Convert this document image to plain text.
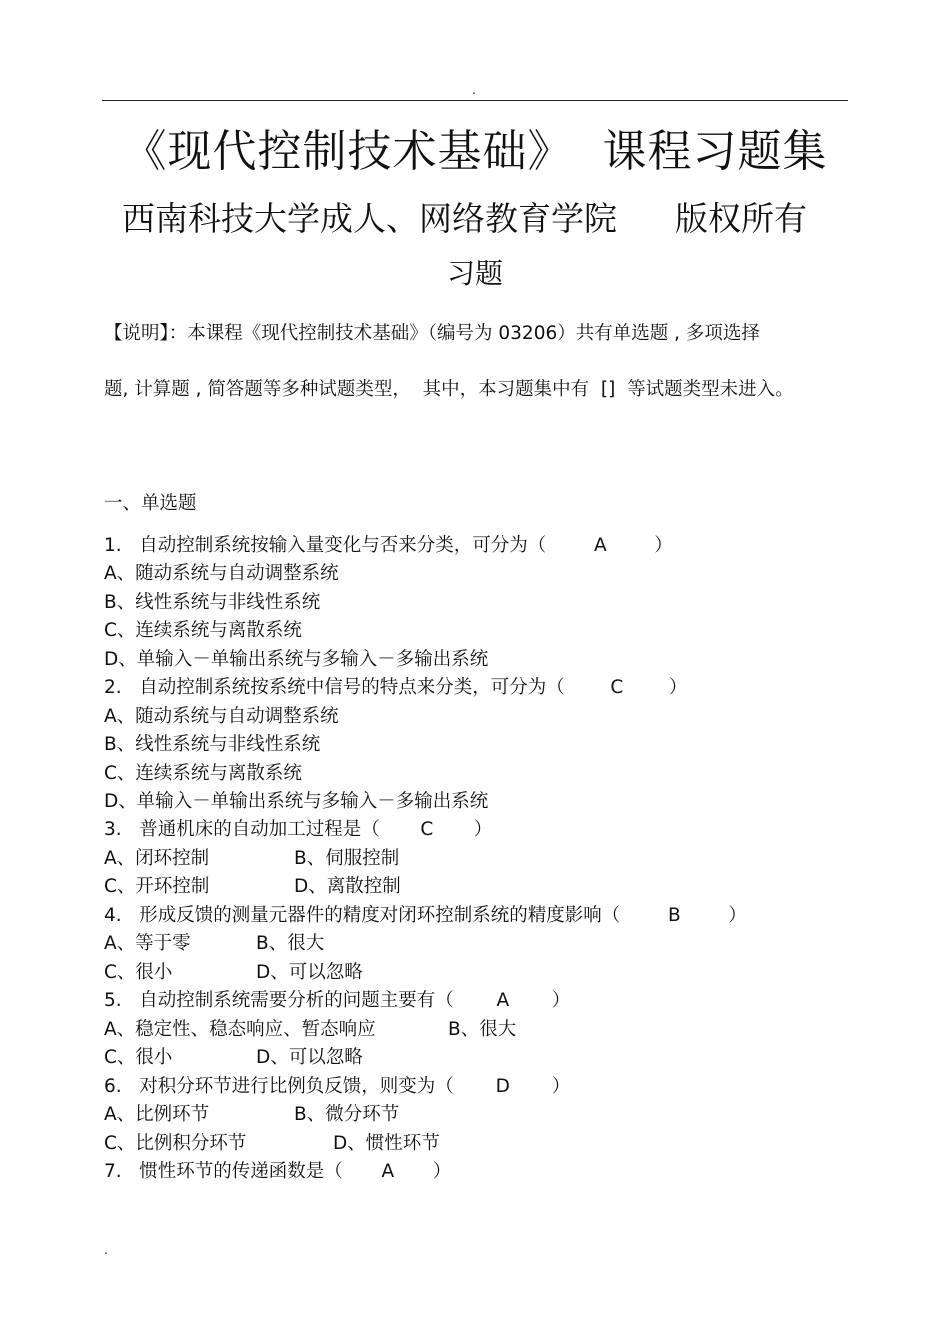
.
《现代控制技术基础》  课程习题集
西南科技大学成人、网络教育学院 版权所有
习题
【说明】：本课程《现代控制技术基础》（编号为 03206）共有单选题 , 多项选择
题, 计算题 , 简答题等多种试题类型，  其中，本习题集中有  []  等试题类型未进入。
一、单选题
1.   自动控制系统按输入量变化与否来分类，可分为（	A	）
A、随动系统与自动调整系统
B、线性系统与非线性系统
C、连续系统与离散系统
D、单输入－单输出系统与多输入－多输出系统
2.   自动控制系统按系统中信号的特点来分类，可分为（ C ）
A、随动系统与自动调整系统
B、线性系统与非线性系统
C、连续系统与离散系统
D、单输入－单输出系统与多输入－多输出系统
3.   普通机床的自动加工过程是（ C ）
A、闭环控制	B、伺服控制
C、开环控制	D、离散控制
4.   形成反馈的测量元器件的精度对闭环控制系统的精度影响（	B	）
A、等于零	B、很大
C、很小	D、可以忽略
5.   自动控制系统需要分析的问题主要有（ A ）
A、稳定性、稳态响应、暂态响应	B、很大
C、很小	D、可以忽略
6.   对积分环节进行比例负反馈，则变为（ D ）
A、比例环节	B、微分环节
C、比例积分环节	D、惯性环节
7.   惯性环节的传递函数是（ A ）
.
